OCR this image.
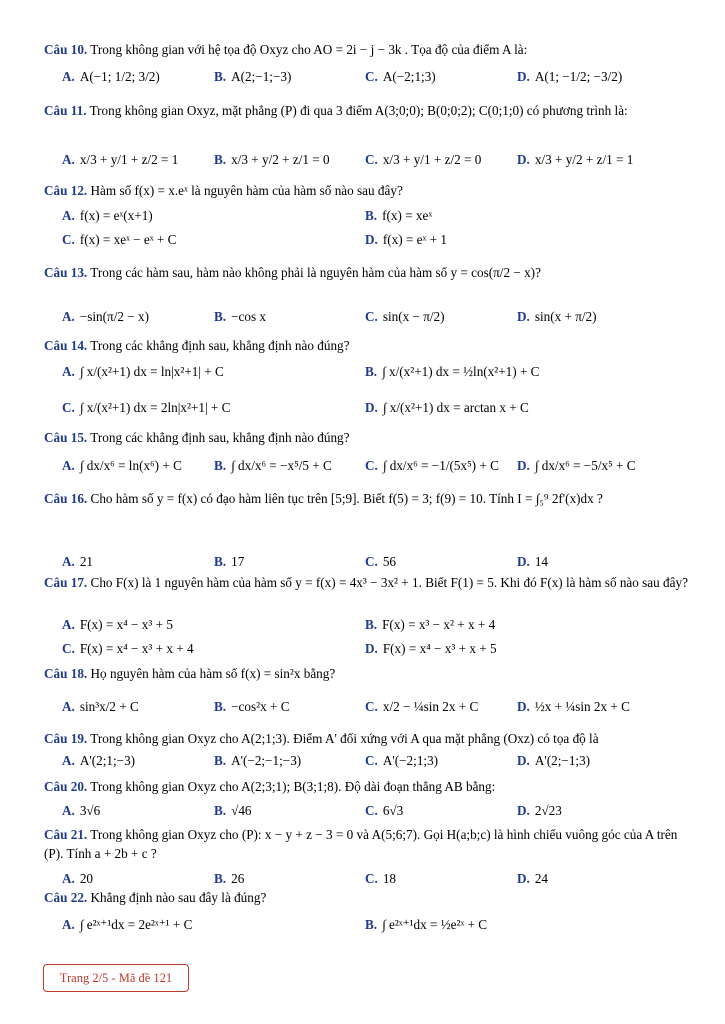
Câu 10. Trong không gian với hệ tọa độ Oxyz cho AO = 2i − j − 3k . Tọa độ của điểm A là:
A. A(−1; 1/2; 3/2)	B. A(2;−1;−3)	C. A(−2;1;3)	D. A(1; −1/2; −3/2)
Câu 11. Trong không gian Oxyz, mặt phẳng (P) đi qua 3 điểm A(3;0;0); B(0;0;2); C(0;1;0) có phương trình là:
A. x/3 + y/1 + z/2 = 1	B. x/3 + y/2 + z/1 = 0	C. x/3 + y/1 + z/2 = 0	D. x/3 + y/2 + z/1 = 1
Câu 12. Hàm số f(x) = x.eˣ là nguyên hàm của hàm số nào sau đây?
A. f(x) = eˣ(x+1)	B. f(x) = xeˣ
C. f(x) = xeˣ − eˣ + C	D. f(x) = eˣ + 1
Câu 13. Trong các hàm sau, hàm nào không phải là nguyên hàm của hàm số y = cos(π/2 − x)?
A. −sin(π/2 − x)	B. −cos x	C. sin(x − π/2)	D. sin(x + π/2)
Câu 14. Trong các khẳng định sau, khẳng định nào đúng?
A. ∫ x/(x²+1) dx = ln|x²+1| + C	B. ∫ x/(x²+1) dx = ½ln(x²+1) + C
C. ∫ x/(x²+1) dx = 2ln|x²+1| + C	D. ∫ x/(x²+1) dx = arctan x + C
Câu 15. Trong các khẳng định sau, khẳng định nào đúng?
A. ∫ dx/x⁶ = ln(x⁶) + C B. ∫ dx/x⁶ = −x⁵/5 + C	C. ∫ dx/x⁶ = −1/(5x⁵) + C D. ∫ dx/x⁶ = −5/x⁵ + C
Câu 16. Cho hàm số y = f(x) có đạo hàm liên tục trên [5;9]. Biết f(5) = 3; f(9) = 10. Tính I = ∫₅⁹ 2f'(x)dx ?
A. 21	B. 17	C. 56	D. 14
Câu 17. Cho F(x) là 1 nguyên hàm của hàm số y = f(x) = 4x³ − 3x² + 1. Biết F(1) = 5. Khi đó F(x) là hàm số nào sau đây?
A. F(x) = x⁴ − x³ + 5	B. F(x) = x³ − x² + x + 4
C. F(x) = x⁴ − x³ + x + 4	D. F(x) = x⁴ − x³ + x + 5
Câu 18. Họ nguyên hàm của hàm số f(x) = sin²x bằng?
A. sin³x/2 + C	B. −cos²x + C	C. x/2 − ¼sin 2x + C	D. ½x + ¼sin 2x + C
Câu 19. Trong không gian Oxyz cho A(2;1;3). Điểm A' đối xứng với A qua mặt phẳng (Oxz) có tọa độ là
A. A'(2;1;−3)	B. A'(−2;−1;−3)	C. A'(−2;1;3)	D. A'(2;−1;3)
Câu 20. Trong không gian Oxyz cho A(2;3;1); B(3;1;8). Độ dài đoạn thẳng AB bằng:
A. 3√6	B. √46	C. 6√3	D. 2√23
Câu 21. Trong không gian Oxyz cho (P): x − y + z − 3 = 0 và A(5;6;7). Gọi H(a;b;c) là hình chiếu vuông góc của A trên (P). Tính a + 2b + c ?
A. 20	B. 26	C. 18	D. 24
Câu 22. Khẳng định nào sau đây là đúng?
A. ∫ e²ˣ⁺¹dx = 2e²ˣ⁺¹ + C	B. ∫ e²ˣ⁺¹dx = ½e²ˣ + C
Trang 2/5 - Mã đề 121
